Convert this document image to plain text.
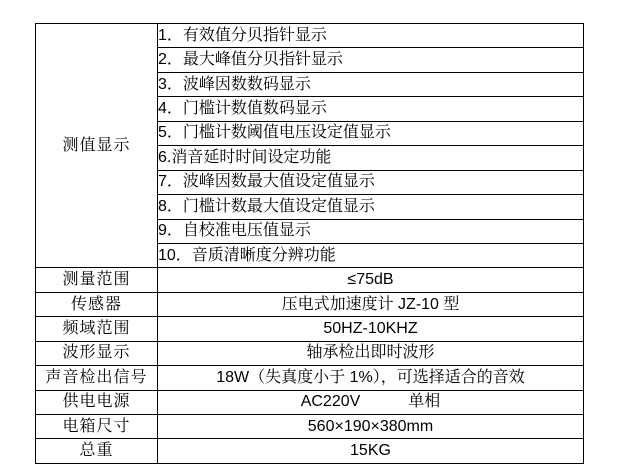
测值显示	1．有效值分贝指针显示
	2．最大峰值分贝指针显示
	3．波峰因数数码显示
	4．门槛计数值数码显示
	5．门槛计数阈值电压设定值显示
	6.消音延时时间设定功能
	7．波峰因数最大值设定值显示
	8．门槛计数最大值设定值显示
	9．自校准电压值显示
	10．音质清晰度分辨功能
测量范围	≤75dB
传感器	压电式加速度计 JZ-10 型
频域范围	50HZ-10KHZ
波形显示	轴承检出即时波形
声音检出信号	18W（失真度小于 1%），可选择适合的音效
供电电源	AC220V　　　单相
电箱尺寸	560×190×380mm
总重	15KG
